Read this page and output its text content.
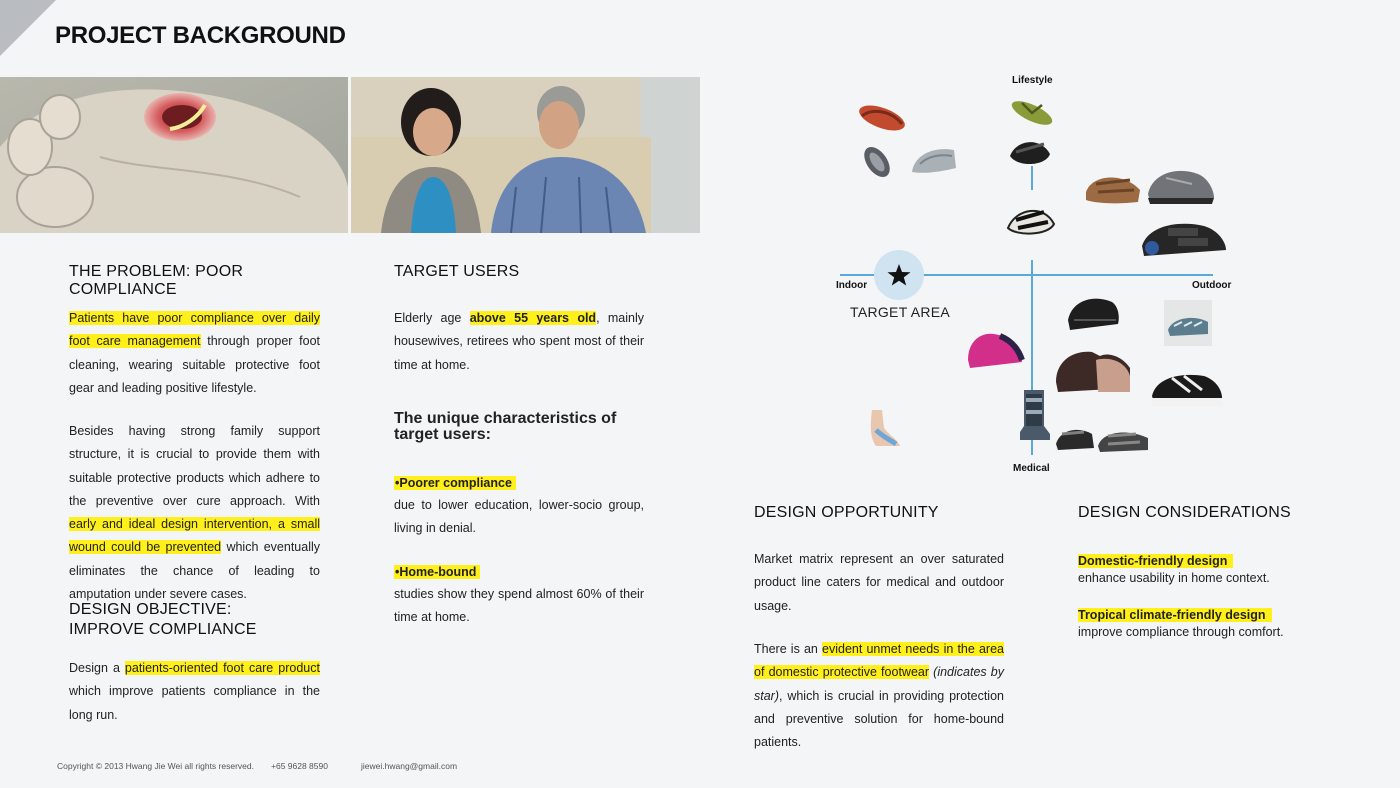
PROJECT BACKGROUND
THE PROBLEM: POOR COMPLIANCE

Patients have poor compliance over daily foot care management through proper foot cleaning, wearing suitable protective foot gear and leading positive lifestyle.

Besides having strong family support structure, it is crucial to provide them with suitable protective products which adhere to the preventive over cure approach. With early and ideal design intervention, a small wound could be prevented which eventually eliminates the chance of leading to amputation under severe cases.

DESIGN OBJECTIVE:
IMPROVE COMPLIANCE

Design a patients-oriented foot care product which improve patients compliance in the long run.

TARGET USERS

Elderly age above 55 years old, mainly housewives, retirees who spent most of their time at home.

The unique characteristics of target users:
•Poorer compliance

due to lower education, lower-socio group, living in denial.

•Home-bound

studies show they spend almost 60% of their time at home.

Lifestyle
Medical
Indoor	Outdoor
TARGET AREA
DESIGN OPPORTUNITY

Market matrix represent an over saturated product line caters for medical and outdoor usage.

There is an evident unmet needs in the area of domestic protective footwear (indicates by star), which is crucial in providing protection and preventive solution for home-bound patients.

DESIGN CONSIDERATIONS
Domestic-friendly design
enhance usability in home context.
Tropical climate-friendly design
improve compliance through comfort.
Copyright © 2013 Hwang Jie Wei all rights reserved. +65 9628 8590	jiewei.hwang@gmail.com
